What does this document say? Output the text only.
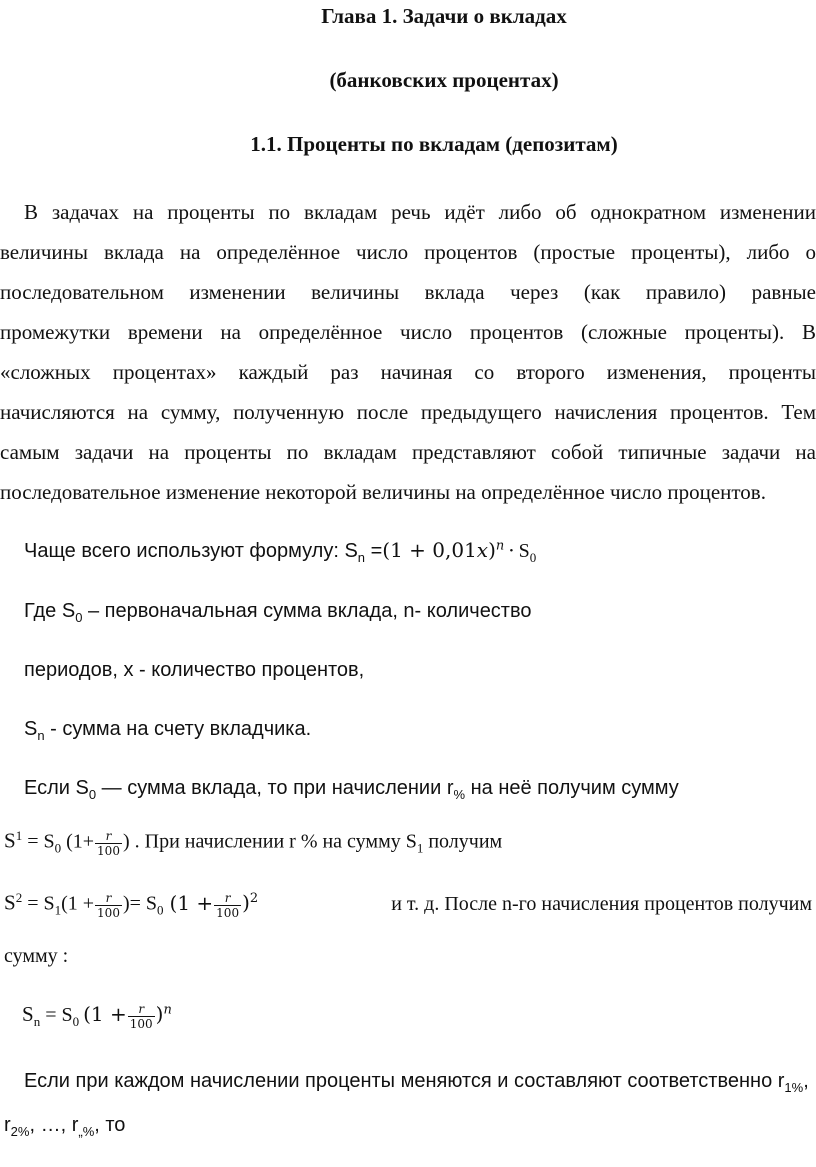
Глава 1. Задачи о вкладах
(банковских процентах)
1.1. Проценты по вкладам (депозитам)
В задачах на проценты по вкладам речь идёт либо об однократном изменении
величины вклада на определённое число процентов (простые проценты), либо о
последовательном изменении величины вклада через (как правило) равные
промежутки времени на определённое число процентов (сложные проценты). В
«сложных процентах» каждый раз начиная со второго изменения, проценты
начисляются на сумму, полученную после предыдущего начисления процентов. Тем
самым задачи на проценты по вкладам представляют собой типичные задачи на
последовательное изменение некоторой величины на определённое число процентов.
Чаще всего используют формулу: $S_n =(1 + 0,01x)^n \cdot S_0$
Где $S_0$ – первоначальная сумма вклада, n- количество
периодов, x - количество процентов,
$S_n$ - сумма на счету вкладчика.
Если $S_0$ — сумма вклада, то при начислении $r_{\%}$ на неё получим сумму
$S^1 = S_0$ ($1+ \frac{r}{100}$ ) . При начислении r % на сумму $S_1$ получим
$S^2 = S_1(1 + \frac{r}{100}$ )= $S_0$ $(1 + \frac{r}{100} )^2$	и т. д. После n-го начисления процентов получим
сумму :
$S_n = S_0$ $(1 + \frac{r}{100} )^n$
Если при каждом начислении проценты меняются и составляют соответственно $r_{1\%}$,
$r_{2\%}$, …, $r_{„\%}$, то
